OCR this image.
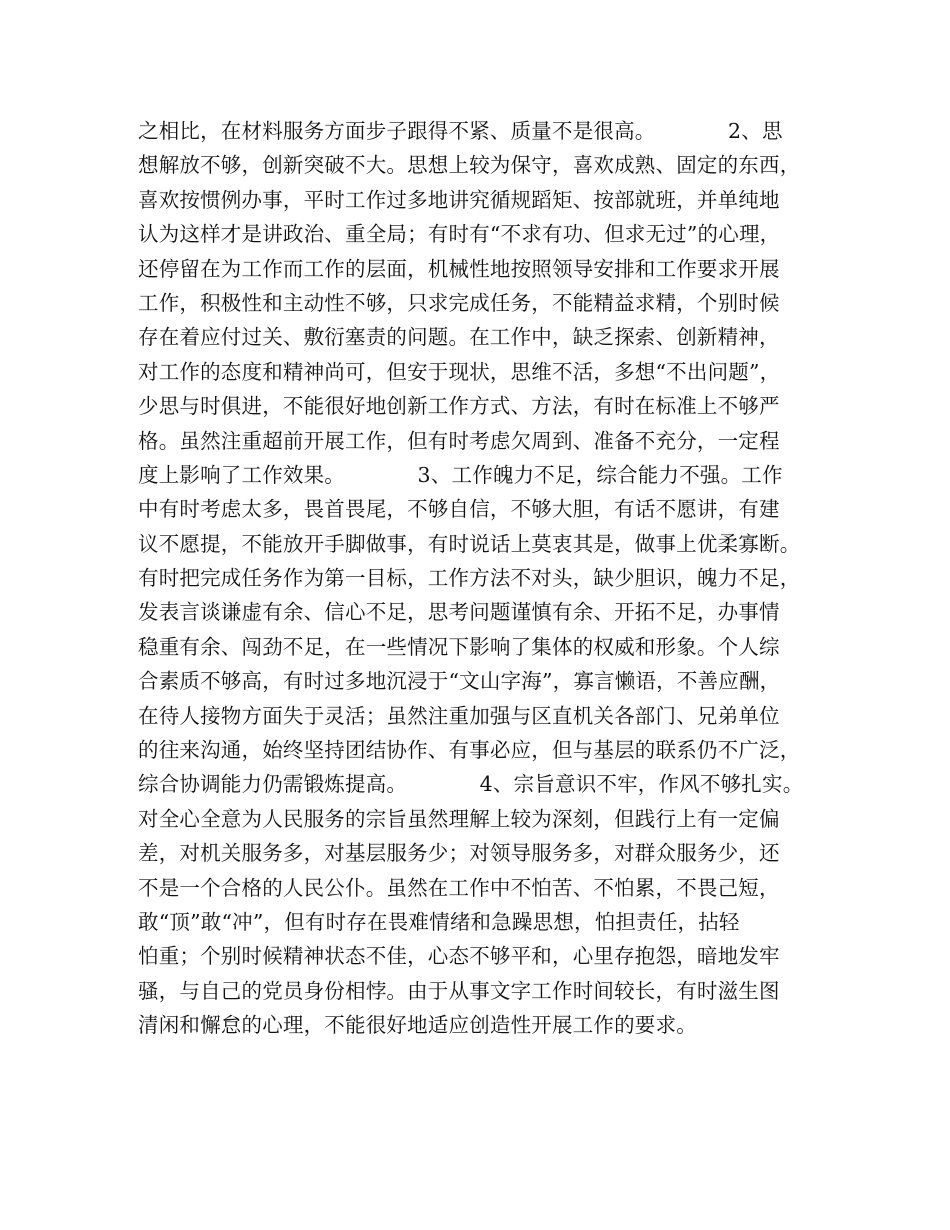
之相比，在材料服务方面步子跟得不紧、质量不是很高。　　　　2、思
想解放不够，创新突破不大。思想上较为保守，喜欢成熟、固定的东西，
喜欢按惯例办事，平时工作过多地讲究循规蹈矩、按部就班，并单纯地
认为这样才是讲政治、重全局；有时有“不求有功、但求无过”的心理，
还停留在为工作而工作的层面，机械性地按照领导安排和工作要求开展
工作，积极性和主动性不够，只求完成任务，不能精益求精，个别时候
存在着应付过关、敷衍塞责的问题。在工作中，缺乏探索、创新精神，
对工作的态度和精神尚可，但安于现状，思维不活，多想“不出问题”，
少思与时俱进，不能很好地创新工作方式、方法，有时在标准上不够严
格。虽然注重超前开展工作，但有时考虑欠周到、准备不充分，一定程
度上影响了工作效果。　　　　3、工作魄力不足，综合能力不强。工作
中有时考虑太多，畏首畏尾，不够自信，不够大胆，有话不愿讲，有建
议不愿提，不能放开手脚做事，有时说话上莫衷其是，做事上优柔寡断。
有时把完成任务作为第一目标，工作方法不对头，缺少胆识，魄力不足，
发表言谈谦虚有余、信心不足，思考问题谨慎有余、开拓不足，办事情
稳重有余、闯劲不足，在一些情况下影响了集体的权威和形象。个人综
合素质不够高，有时过多地沉浸于“文山字海”，寡言懒语，不善应酬，
在待人接物方面失于灵活；虽然注重加强与区直机关各部门、兄弟单位
的往来沟通，始终坚持团结协作、有事必应，但与基层的联系仍不广泛，
综合协调能力仍需锻炼提高。　　　　4、宗旨意识不牢，作风不够扎实。
对全心全意为人民服务的宗旨虽然理解上较为深刻，但践行上有一定偏
差，对机关服务多，对基层服务少；对领导服务多，对群众服务少，还
不是一个合格的人民公仆。虽然在工作中不怕苦、不怕累，不畏己短，
敢“顶”敢“冲”，但有时存在畏难情绪和急躁思想，怕担责任，拈轻
怕重；个别时候精神状态不佳，心态不够平和，心里存抱怨，暗地发牢
骚，与自己的党员身份相悖。由于从事文字工作时间较长，有时滋生图
清闲和懈怠的心理，不能很好地适应创造性开展工作的要求。
